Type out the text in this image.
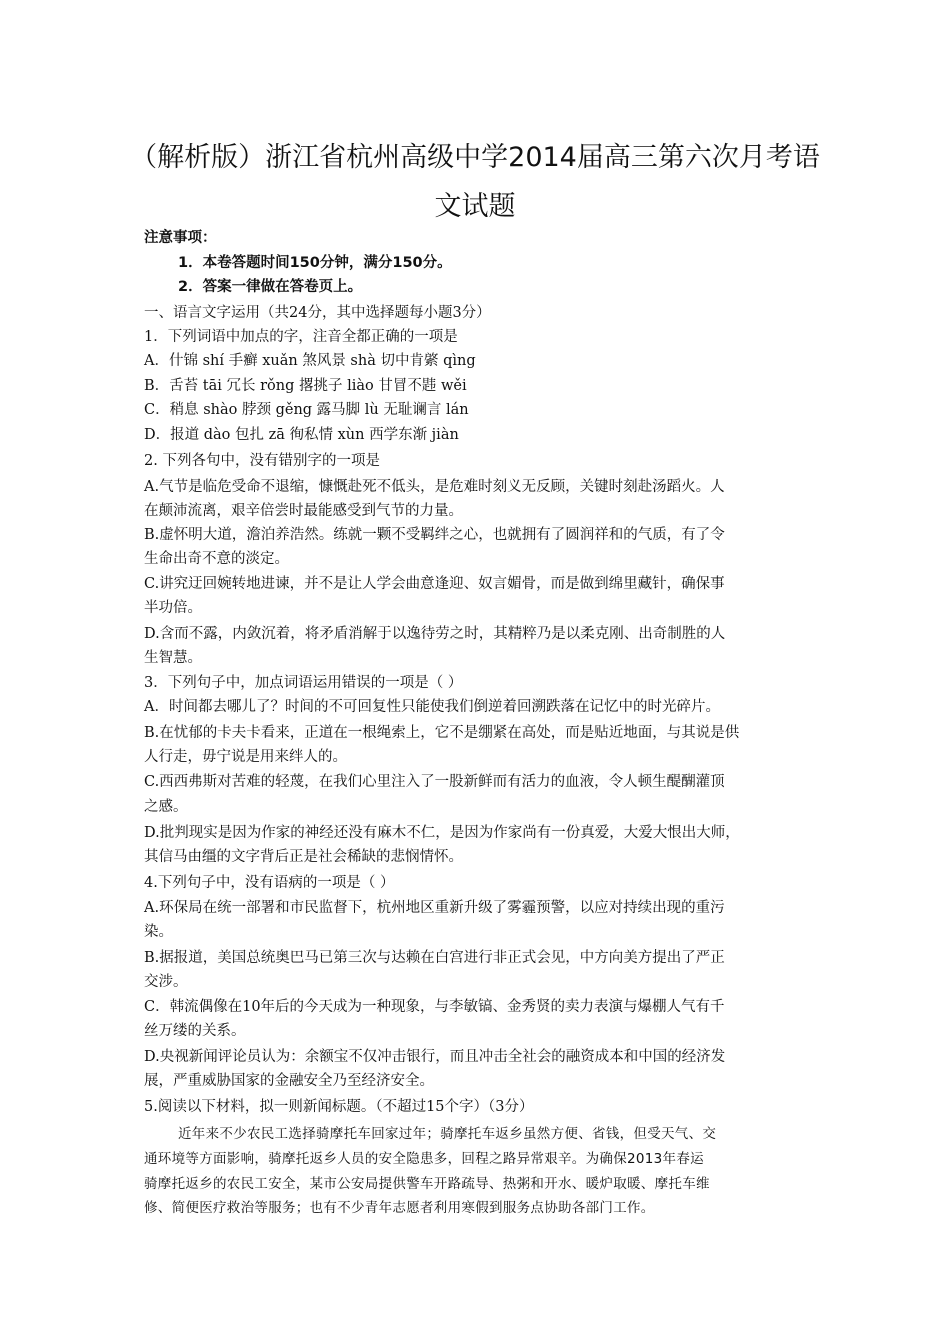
（解析版）浙江省杭州高级中学2014届高三第六次月考语
文试题
注意事项：
1．本卷答题时间150分钟，满分150分。
2．答案一律做在答卷页上。
一、语言文字运用（共24分，其中选择题每小题3分）
1．下列词语中加点的字，注音全都正确的一项是
A．什锦 shí 手癣 xuǎn 煞风景 shà 切中肯綮 qìng
B．舌苔 tāi 冗长 rǒng 撂挑子 liào 甘冒不韪 wěi
C．稍息 shào 脖颈 gěng 露马脚 lù 无耻谰言 lán
D．报道 dào 包扎 zā 徇私情 xùn 西学东渐 jiàn
2. 下列各句中，没有错别字的一项是
A.气节是临危受命不退缩，慷慨赴死不低头，是危难时刻义无反顾，关键时刻赴汤蹈火。人
在颠沛流离，艰辛倍尝时最能感受到气节的力量。
B.虚怀明大道，澹泊养浩然。练就一颗不受羁绊之心，也就拥有了圆润祥和的气质，有了令
生命出奇不意的淡定。
C.讲究迂回婉转地进谏，并不是让人学会曲意逢迎、奴言媚骨，而是做到绵里藏针，确保事
半功倍。
D.含而不露，内敛沉着，将矛盾消解于以逸待劳之时，其精粹乃是以柔克刚、出奇制胜的人
生智慧。
3．下列句子中，加点词语运用错误的一项是（ ）
A．时间都去哪儿了？时间的不可回复性只能使我们倒逆着回溯跌落在记忆中的时光碎片。
B.在忧郁的卡夫卡看来，正道在一根绳索上，它不是绷紧在高处，而是贴近地面，与其说是供
人行走，毋宁说是用来绊人的。
C.西西弗斯对苦难的轻蔑，在我们心里注入了一股新鲜而有活力的血液，令人顿生醍醐灌顶
之感。
D.批判现实是因为作家的神经还没有麻木不仁，是因为作家尚有一份真爱，大爱大恨出大师，
其信马由缰的文字背后正是社会稀缺的悲悯情怀。
4.下列句子中，没有语病的一项是（ ）
A.环保局在统一部署和市民监督下，杭州地区重新升级了雾霾预警，以应对持续出现的重污
染。
B.据报道，美国总统奥巴马已第三次与达赖在白宫进行非正式会见，中方向美方提出了严正
交涉。
C．韩流偶像在10年后的今天成为一种现象，与李敏镐、金秀贤的卖力表演与爆棚人气有千
丝万缕的关系。
D.央视新闻评论员认为：余额宝不仅冲击银行，而且冲击全社会的融资成本和中国的经济发
展，严重威胁国家的金融安全乃至经济安全。
5.阅读以下材料，拟一则新闻标题。（不超过15个字）（3分）
近年来不少农民工选择骑摩托车回家过年；骑摩托车返乡虽然方便、省钱，但受天气、交
通环境等方面影响，骑摩托返乡人员的安全隐患多，回程之路异常艰辛。为确保2013年春运
骑摩托返乡的农民工安全，某市公安局提供警车开路疏导、热粥和开水、暖炉取暖、摩托车维
修、简便医疗救治等服务；也有不少青年志愿者利用寒假到服务点协助各部门工作。
